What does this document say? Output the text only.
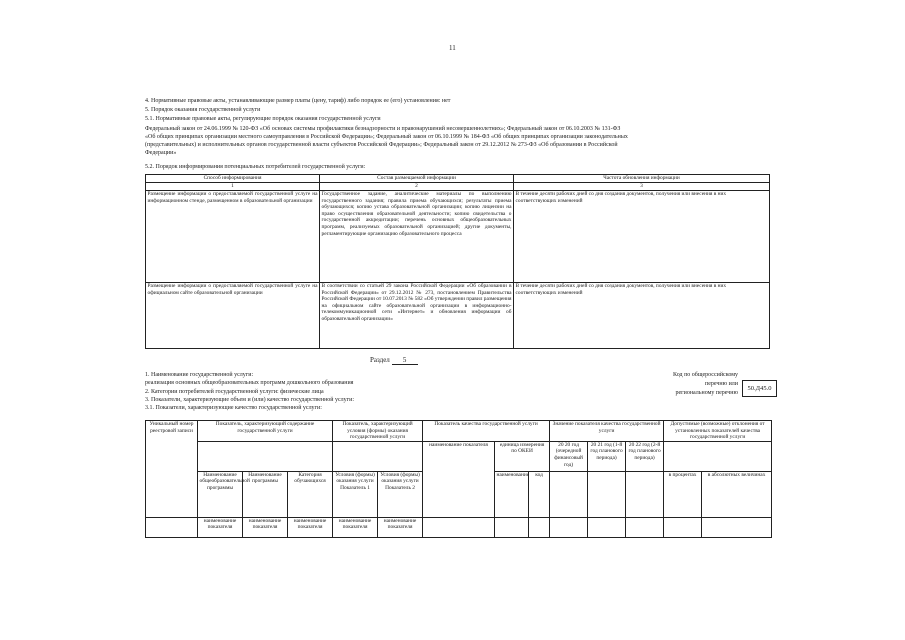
11
4. Нормативные правовые акты, устанавливающие размер платы (цену, тариф) либо порядок ее (его) установления: нет
5. Порядок оказания государственной услуги
5.1. Нормативные правовые акты, регулирующие порядок оказания государственной услуги
Федеральный закон от 24.06.1999 № 120-ФЗ «Об основах системы профилактики безнадзорности и правонарушений несовершеннолетних»; Федеральный закон от 06.10.2003 № 131-ФЗ
«Об общих принципах организации местного самоуправления в Российской Федерации»; Федеральный закон от 06.10.1999 № 184-ФЗ «Об общих принципах организации законодательных
(представительных) и исполнительных органов государственной власти субъектов Российской Федерации»; Федеральный закон от 29.12.2012 № 273-ФЗ «Об образовании в Российской
Федерации»
5.2. Порядок информирования потенциальных потребителей государственной услуги:
Способ информирования	Состав размещаемой информации	Частота обновления информации
1	2	3
Размещение информации о предоставляемой государственной услуге на информационном стенде, размещенном в образовательной организации	Государственное задание, аналитические материалы по выполнению государственного задания; правила приема обучающихся; результаты приема обучающихся; копию устава образовательной организации; копию лицензии на право осуществления образовательной деятельности; копию свидетельства о государственной аккредитации; перечень основных общеобразовательных программ, реализуемых образовательной организацией; другие документы, регламентирующие организацию образовательного процесса	В течение десяти рабочих дней со дня создания документов, получения или внесения в них соответствующих изменений
Размещение информации о предоставляемой государственной услуге на официальном сайте образовательной организации	В соответствии со статьей 29 закона Российской Федерации «Об образовании в Российской Федерации» от 29.12.2012 № 273, постановлением Правительства Российской Федерации от 10.07.2013 № 582 «Об утверждении правил размещения на официальном сайте образовательной организации в информационно-телекоммуникационной сети «Интернет» и обновления информации об образовательной организации»	В течение десяти рабочих дней со дня создания документов, получения или внесения в них соответствующих изменений
Раздел 5
1. Наименование государственной услуги:
реализация основных общеобразовательных программ дошкольного образования
2. Категории потребителей государственной услуги: физические лица
3. Показатели, характеризующие объем и (или) качество государственной услуги:
3.1. Показатели, характеризующие качество государственной услуги:
Код по общероссийскому
перечню или
региональному перечню
50.Д45.0
Уникальный номер реестровой записи	Показатель, характеризующий содержание государственной услуги			Показатель, характеризующий условия (формы) оказания государственной услуги		Показатель качества государственной услуги			Значение показателя качества государственной услуги			Допустимые (возможные) отклонения от установленных показателей качества государственной услуги	
						наименование показателя	единица измерения по ОКЕИ		20 20 год (очередной финансовый год)	20 21 год (1-й год планового периода)	20 22 год (2-й год планового периода)		
	Наименование общеобразовательной программы	Наименование программы	Категория обучающихся	Условия (формы) оказания услуги Показатель 1	Условия (формы) оказания услуги Показатель 2		наименование	код				в процентах	в абсолютных величинах
	наименование показателя	наименование показателя	наименование показателя	наименование показателя	наименование показателя								
